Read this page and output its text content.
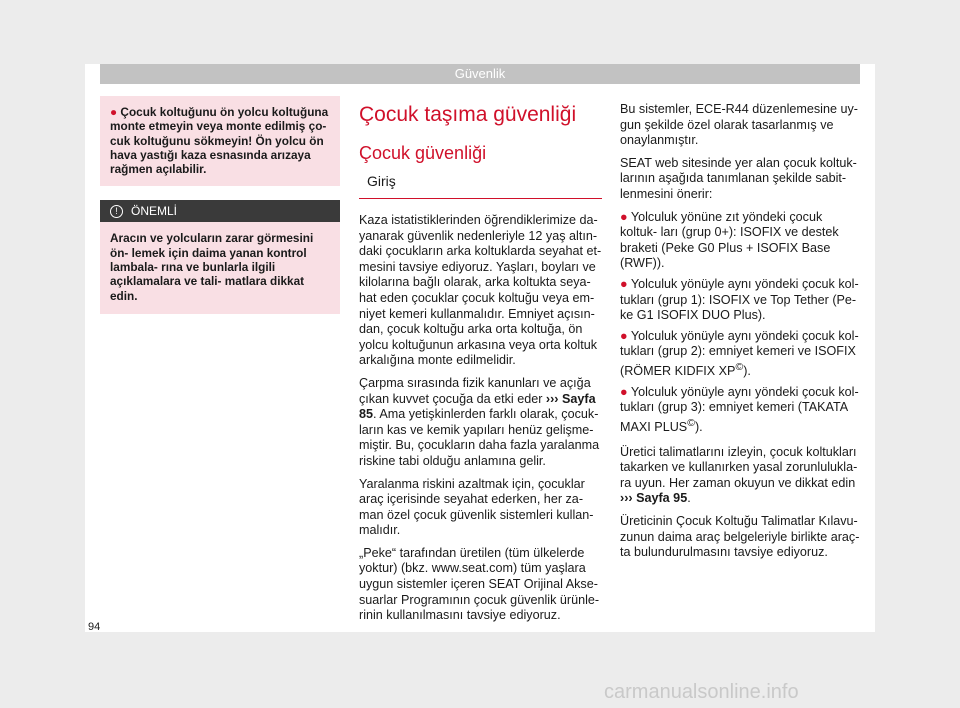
Güvenlik
● Çocuk koltuğunu ön yolcu koltuğuna monte etmeyin veya monte edilmiş ço- cuk koltuğunu sökmeyin! Ön yolcu ön hava yastığı kaza esnasında arızaya rağmen açılabilir.
! ÖNEMLİ
Aracın ve yolcuların zarar görmesini ön- lemek için daima yanan kontrol lambala- rına ve bunlarla ilgili açıklamalara ve tali- matlara dikkat edin.
Çocuk taşıma güvenliği
Çocuk güvenliği
Giriş

Kaza istatistiklerinden öğrendiklerimize da- yanarak güvenlik nedenleriyle 12 yaş altın- daki çocukların arka koltuklarda seyahat et- mesini tavsiye ediyoruz. Yaşları, boyları ve kilolarına bağlı olarak, arka koltukta seya- hat eden çocuklar çocuk koltuğu veya em- niyet kemeri kullanmalıdır. Emniyet açısın- dan, çocuk koltuğu arka orta koltuğa, ön yolcu koltuğunun arkasına veya orta koltuk arkalığına monte edilmelidir.

Çarpma sırasında fizik kanunları ve açığa çıkan kuvvet çocuğa da etki eder ››› Sayfa 85. Ama yetişkinlerden farklı olarak, çocuk- ların kas ve kemik yapıları henüz gelişme- miştir. Bu, çocukların daha fazla yaralanma riskine tabi olduğu anlamına gelir.

Yaralanma riskini azaltmak için, çocuklar araç içerisinde seyahat ederken, her za- man özel çocuk güvenlik sistemleri kullan- malıdır.

„Peke“ tarafından üretilen (tüm ülkelerde yoktur) (bkz. www.seat.com) tüm yaşlara uygun sistemler içeren SEAT Orijinal Akse- suarlar Programının çocuk güvenlik ürünle- rinin kullanılmasını tavsiye ediyoruz.

Bu sistemler, ECE-R44 düzenlemesine uy- gun şekilde özel olarak tasarlanmış ve onaylanmıştır.

SEAT web sitesinde yer alan çocuk koltuk- larının aşağıda tanımlanan şekilde sabit- lenmesini önerir:

● Yolculuk yönüne zıt yöndeki çocuk koltuk- ları (grup 0+): ISOFIX ve destek braketi (Peke G0 Plus + ISOFIX Base (RWF)).
● Yolculuk yönüyle aynı yöndeki çocuk kol- tukları (grup 1): ISOFIX ve Top Tether (Pe- ke G1 ISOFIX DUO Plus).
● Yolculuk yönüyle aynı yöndeki çocuk kol- tukları (grup 2): emniyet kemeri ve ISOFIX (RÖMER KIDFIX XP©).
● Yolculuk yönüyle aynı yöndeki çocuk kol- tukları (grup 3): emniyet kemeri (TAKATA MAXI PLUS©).

Üretici talimatlarını izleyin, çocuk koltukları takarken ve kullanırken yasal zorunlulukla- ra uyun. Her zaman okuyun ve dikkat edin ››› Sayfa 95.

Üreticinin Çocuk Koltuğu Talimatlar Kılavu- zunun daima araç belgeleriyle birlikte araç- ta bulundurulmasını tavsiye ediyoruz.

94
carmanualsonline.info
